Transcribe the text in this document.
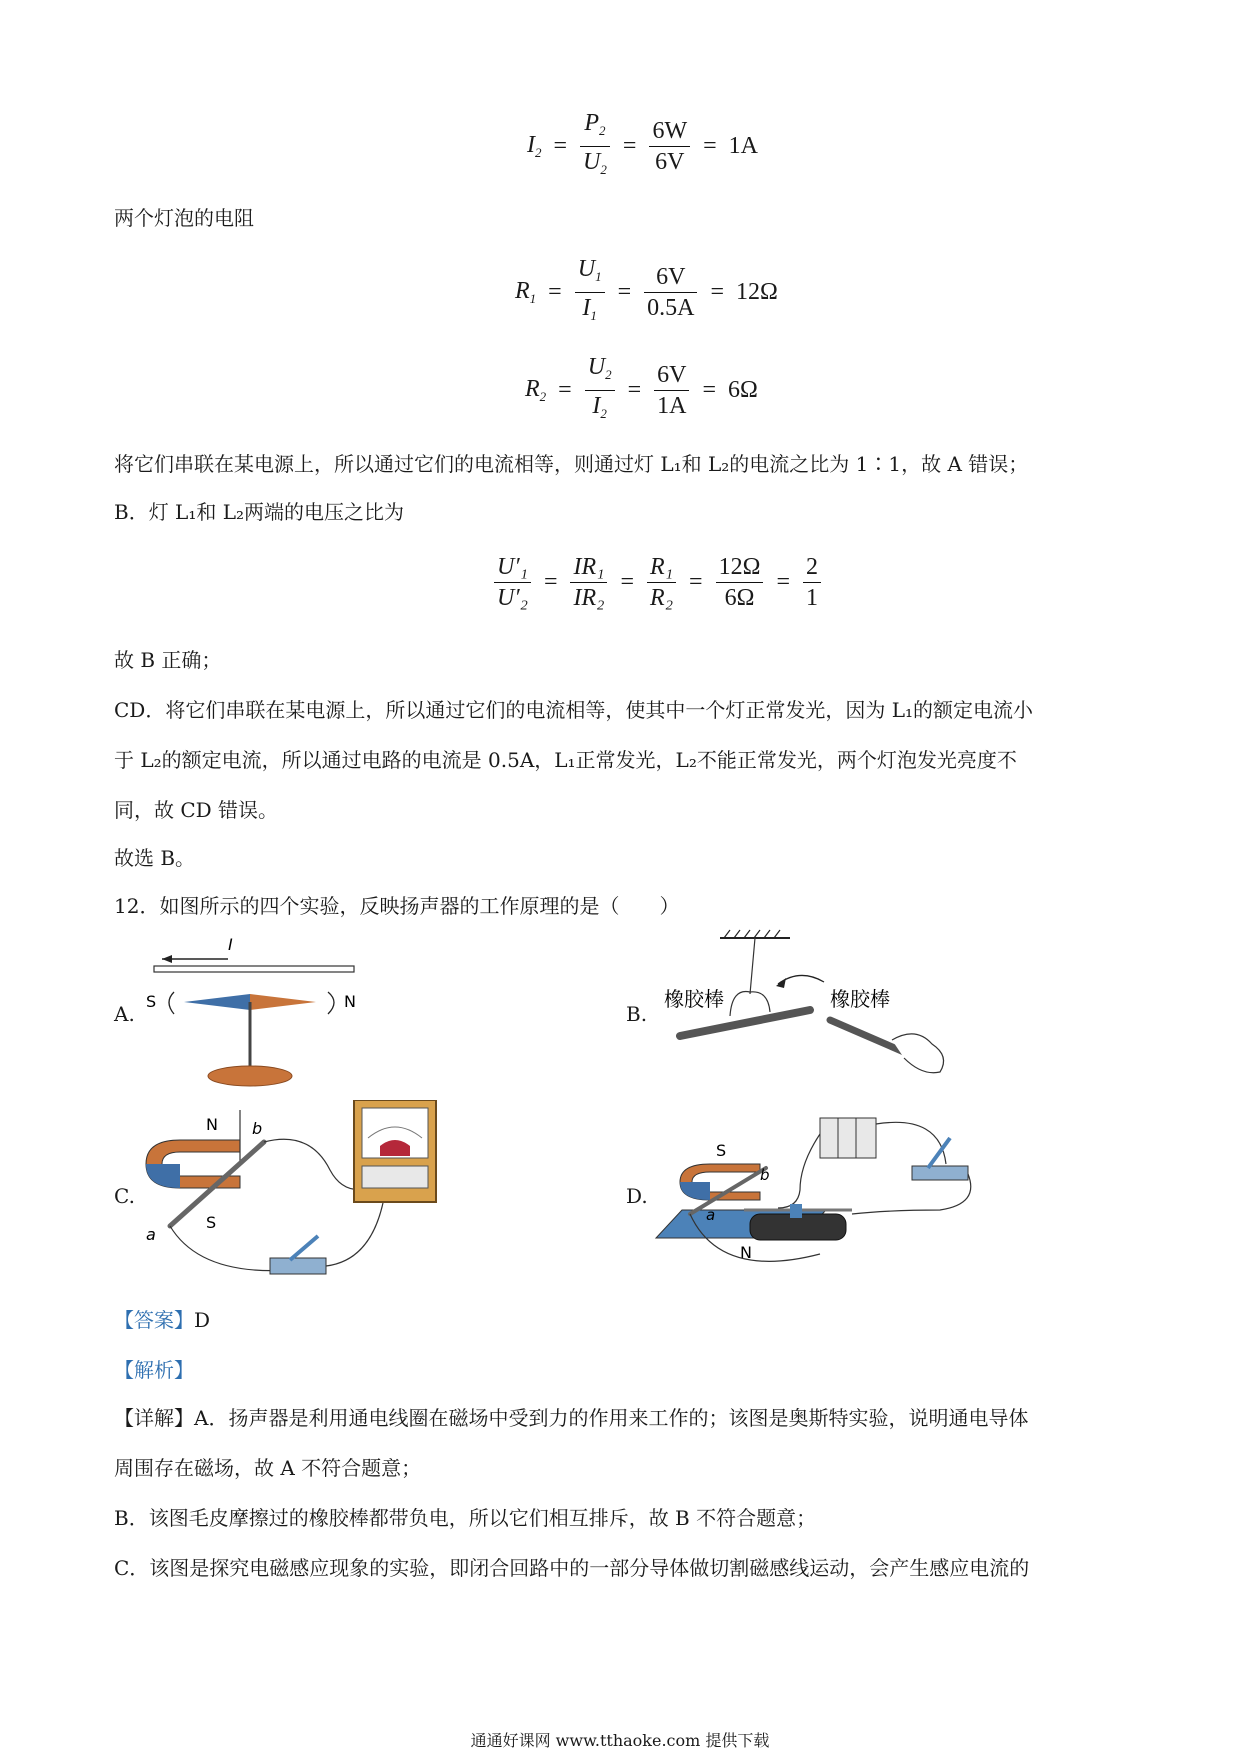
$I_2 = \frac{P_2}{U_2} = \frac{6W}{6V} = 1A$
两个灯泡的电阻
$R_1 = \frac{U_1}{I_1} = \frac{6V}{0.5A} = 12\Omega$
$R_2 = \frac{U_2}{I_2} = \frac{6V}{1A} = 6\Omega$
将它们串联在某电源上，所以通过它们的电流相等，则通过灯 L₁和 L₂的电流之比为 1∶1，故 A 错误；
B．灯 L₁和 L₂两端的电压之比为
$\frac{\text{U′₁}}{\text{U′₂}} = \frac{\text{IR₁}}{\text{IR₂}} = \frac{\text{R₁}}{\text{R₂}} = \frac{12\Omega}{6\Omega} = \frac{2}{1}$
故 B 正确；
CD．将它们串联在某电源上，所以通过它们的电流相等，使其中一个灯正常发光，因为 L₁的额定电流小
于 L₂的额定电流，所以通过电路的电流是 0.5A，L₁正常发光，L₂不能正常发光，两个灯泡发光亮度不
同，故 CD 错误。
故选 B。
12．如图所示的四个实验，反映扬声器的工作原理的是（　　）
A.	B.
C.	D.
I
S	N	橡胶棒	橡胶棒
N
S
b
a
S
N
b
a
【答案】D
【解析】
【详解】A．扬声器是利用通电线圈在磁场中受到力的作用来工作的；该图是奥斯特实验，说明通电导体
周围存在磁场，故 A 不符合题意；
B．该图毛皮摩擦过的橡胶棒都带负电，所以它们相互排斥，故 B 不符合题意；
C．该图是探究电磁感应现象的实验，即闭合回路中的一部分导体做切割磁感线运动，会产生感应电流的
通通好课网 www.tthaoke.com 提供下载
